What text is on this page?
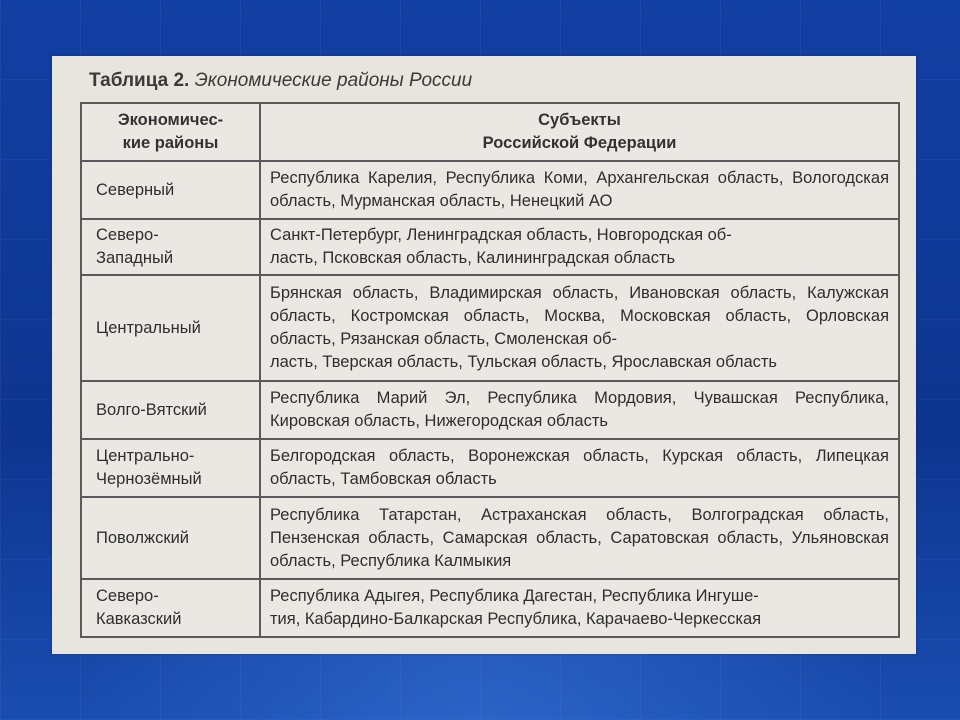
Таблица 2. Экономические районы России
Экономичес-
кие районы	Субъекты
Российской Федерации

Северный	Республика Карелия, Республика Коми, Архангельская область, Вологодская область, Мурманская область, Ненецкий АО

Северо-
Западный	Санкт-Петербург, Ленинградская область, Новгородская об-
ласть, Псковская область, Калининградская область

Центральный	Брянская область, Владимирская область, Ивановская область, Калужская область, Костромская область, Москва, Московская область, Орловская область, Рязанская область, Смоленская об-
ласть, Тверская область, Тульская область, Ярославская область

Волго-Вятский	Республика Марий Эл, Республика Мордовия, Чувашская Республика, Кировская область, Нижегородская область

Центрально-
Чернозёмный	Белгородская область, Воронежская область, Курская область, Липецкая область, Тамбовская область

Поволжский	Республика Татарстан, Астраханская область, Волгоградская область, Пензенская область, Самарская область, Саратовская область, Ульяновская область, Республика Калмыкия

Северо-
Кавказский	Республика Адыгея, Республика Дагестан, Республика Ингуше-
тия, Кабардино-Балкарская Республика, Карачаево-Черкесская
